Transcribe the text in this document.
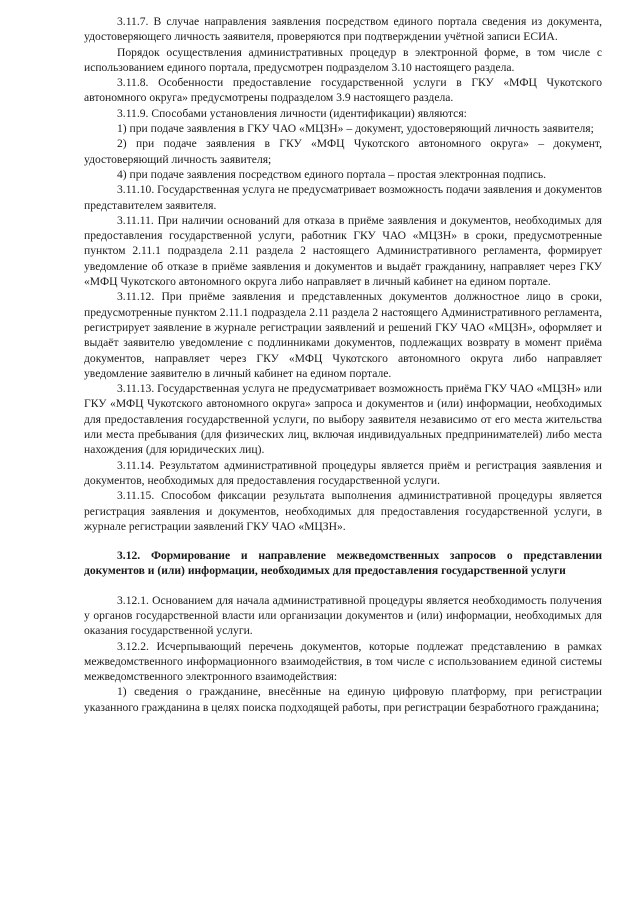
3.11.7. В случае направления заявления посредством единого портала сведения из документа, удостоверяющего личность заявителя, проверяются при подтверждении учётной записи ЕСИА.

Порядок осуществления административных процедур в электронной форме, в том числе с использованием единого портала, предусмотрен подразделом 3.10 настоящего раздела.

3.11.8. Особенности предоставление государственной услуги в ГКУ «МФЦ Чукотского автономного округа» предусмотрены подразделом 3.9 настоящего раздела.

3.11.9. Способами установления личности (идентификации) являются:

1) при подаче заявления в ГКУ ЧАО «МЦЗН» – документ, удостоверяющий личность заявителя;

2) при подаче заявления в ГКУ «МФЦ Чукотского автономного округа» – документ, удостоверяющий личность заявителя;

4) при подаче заявления посредством единого портала – простая электронная подпись.

3.11.10. Государственная услуга не предусматривает возможность подачи заявления и документов представителем заявителя.

3.11.11. При наличии оснований для отказа в приёме заявления и документов, необходимых для предоставления государственной услуги, работник ГКУ ЧАО «МЦЗН» в сроки, предусмотренные пунктом 2.11.1 подраздела 2.11 раздела 2 настоящего Административного регламента, формирует уведомление об отказе в приёме заявления и документов и выдаёт гражданину, направляет через ГКУ «МФЦ Чукотского автономного округа либо направляет в личный кабинет на едином портале.

3.11.12. При приёме заявления и представленных документов должностное лицо в сроки, предусмотренные пунктом 2.11.1 подраздела 2.11 раздела 2 настоящего Административного регламента, регистрирует заявление в журнале регистрации заявлений и решений ГКУ ЧАО «МЦЗН», оформляет и выдаёт заявителю уведомление с подлинниками документов, подлежащих возврату в момент приёма документов, направляет через ГКУ «МФЦ Чукотского автономного округа либо направляет уведомление заявителю в личный кабинет на едином портале.

3.11.13. Государственная услуга не предусматривает возможность приёма ГКУ ЧАО «МЦЗН» или ГКУ «МФЦ Чукотского автономного округа» запроса и документов и (или) информации, необходимых для предоставления государственной услуги, по выбору заявителя независимо от его места жительства или места пребывания (для физических лиц, включая индивидуальных предпринимателей) либо места нахождения (для юридических лиц).

3.11.14. Результатом административной процедуры является приём и регистрация заявления и документов, необходимых для предоставления государственной услуги.

3.11.15. Способом фиксации результата выполнения административной процедуры является регистрация заявления и документов, необходимых для предоставления государственной услуги, в журнале регистрации заявлений ГКУ ЧАО «МЦЗН».

3.12. Формирование и направление межведомственных запросов о представлении документов и (или) информации, необходимых для предоставления государственной услуги

3.12.1. Основанием для начала административной процедуры является необходимость получения у органов государственной власти или организации документов и (или) информации, необходимых для оказания государственной услуги.

3.12.2. Исчерпывающий перечень документов, которые подлежат представлению в рамках межведомственного информационного взаимодействия, в том числе с использованием единой системы межведомственного электронного взаимодействия:

1) сведения о гражданине, внесённые на единую цифровую платформу, при регистрации указанного гражданина в целях поиска подходящей работы, при регистрации безработного гражданина;
